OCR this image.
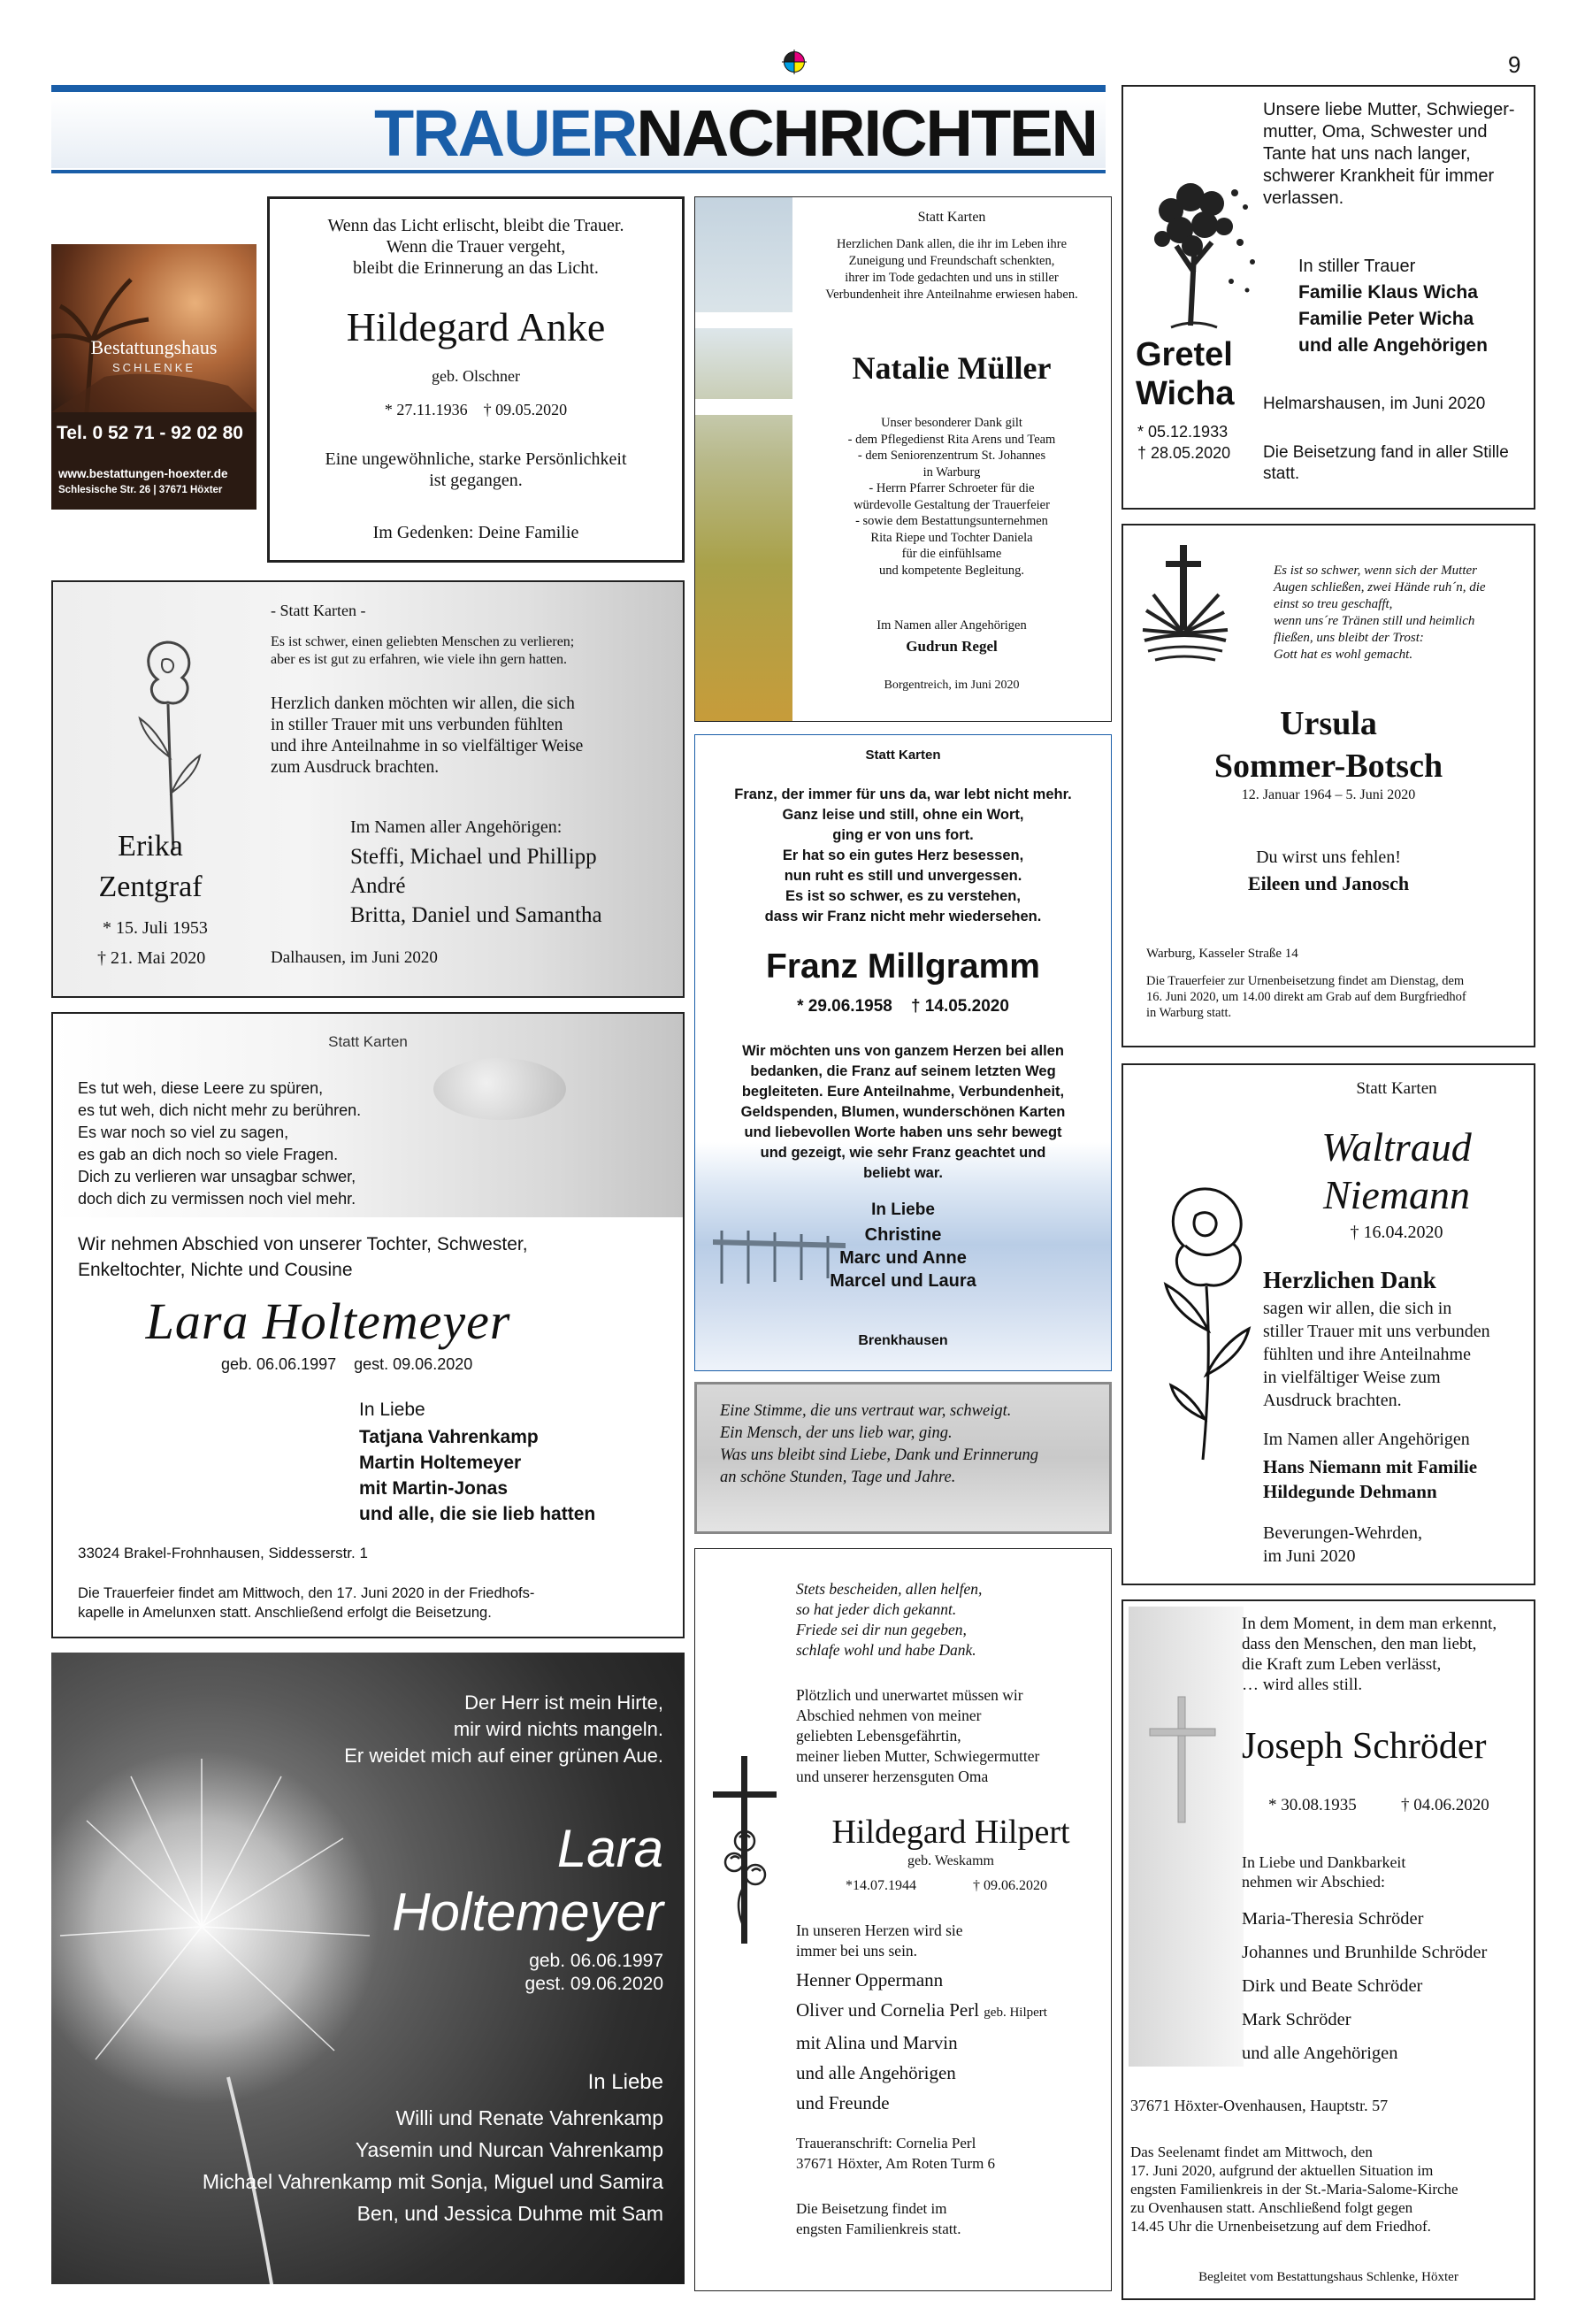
9
TRAUERNACHRICHTEN
Bestattungshaus
SCHLENKE
Tel. 0 52 71 - 92 02 80
www.bestattungen-hoexter.de
Schlesische Str. 26 | 37671 Höxter
Wenn das Licht erlischt, bleibt die Trauer.
Wenn die Trauer vergeht,
bleibt die Erinnerung an das Licht.
Hildegard Anke
geb. Olschner
* 27.11.1936    † 09.05.2020
Eine ungewöhnliche, starke Persönlichkeit
ist gegangen.
Im Gedenken: Deine Familie
Statt Karten
Herzlichen Dank allen, die ihr im Leben ihre
Zuneigung und Freundschaft schenkten,
ihrer im Tode gedachten und uns in stiller
Verbundenheit ihre Anteilnahme erwiesen haben.
Natalie Müller
Unser besonderer Dank gilt
- dem Pflegedienst Rita Arens und Team
- dem Seniorenzentrum St. Johannes
in Warburg
- Herrn Pfarrer Schroeter für die
würdevolle Gestaltung der Trauerfeier
- sowie dem Bestattungsunternehmen
Rita Riepe und Tochter Daniela
für die einfühlsame
und kompetente Begleitung.
Im Namen aller Angehörigen
Gudrun Regel
Borgentreich, im Juni 2020
Unsere liebe Mutter, Schwieger-
mutter, Oma, Schwester und
Tante hat uns nach langer,
schwerer Krankheit für immer
verlassen.
In stiller Trauer
Familie Klaus Wicha
Familie Peter Wicha
und alle Angehörigen
Gretel
Wicha Helmarshausen, im Juni 2020
* 05.12.1933
† 28.05.2020 Die Beisetzung fand in aller Stille
statt.
- Statt Karten -
Es ist schwer, einen geliebten Menschen zu verlieren;
aber es ist gut zu erfahren, wie viele ihn gern hatten.
Herzlich danken möchten wir allen, die sich
in stiller Trauer mit uns verbunden fühlten
und ihre Anteilnahme in so vielfältiger Weise
zum Ausdruck brachten.
Im Namen aller Angehörigen:
Steffi, Michael und Phillipp
André
Britta, Daniel und Samantha
Erika
Zentgraf
* 15. Juli 1953
† 21. Mai 2020	Dalhausen, im Juni 2020
Es ist so schwer, wenn sich der Mutter
Augen schließen, zwei Hände ruh´n, die
einst so treu geschafft,
wenn uns´re Tränen still und heimlich
fließen, uns bleibt der Trost:
Gott hat es wohl gemacht.
Ursula
Sommer-Botsch
12. Januar 1964 – 5. Juni 2020
Du wirst uns fehlen!
Eileen und Janosch
Warburg, Kasseler Straße 14
Die Trauerfeier zur Urnenbeisetzung findet am Dienstag, dem
16. Juni 2020, um 14.00 direkt am Grab auf dem Burgfriedhof
in Warburg statt.
Statt Karten
Franz, der immer für uns da, war lebt nicht mehr.
Ganz leise und still, ohne ein Wort,
ging er von uns fort.
Er hat so ein gutes Herz besessen,
nun ruht es still und unvergessen.
Es ist so schwer, es zu verstehen,
dass wir Franz nicht mehr wiedersehen.
Franz Millgramm
* 29.06.1958    † 14.05.2020
Wir möchten uns von ganzem Herzen bei allen
bedanken, die Franz auf seinem letzten Weg
begleiteten. Eure Anteilnahme, Verbundenheit,
Geldspenden, Blumen, wunderschönen Karten
und liebevollen Worte haben uns sehr bewegt
und gezeigt, wie sehr Franz geachtet und
beliebt war.
In Liebe
Christine
Marc und Anne
Marcel und Laura
Brenkhausen
Statt Karten
Es tut weh, diese Leere zu spüren,
es tut weh, dich nicht mehr zu berühren.
Es war noch so viel zu sagen,
es gab an dich noch so viele Fragen.
Dich zu verlieren war unsagbar schwer,
doch dich zu vermissen noch viel mehr.
Wir nehmen Abschied von unserer Tochter, Schwester,
Enkeltochter, Nichte und Cousine
Lara Holtemeyer
geb. 06.06.1997    gest. 09.06.2020
In Liebe
Tatjana Vahrenkamp
Martin Holtemeyer
mit Martin-Jonas
und alle, die sie lieb hatten
33024 Brakel-Frohnhausen, Siddesserstr. 1
Die Trauerfeier findet am Mittwoch, den 17. Juni 2020 in der Friedhofs-
kapelle in Amelunxen statt. Anschließend erfolgt die Beisetzung.
Statt Karten
Waltraud
Niemann
† 16.04.2020
Herzlichen Dank
sagen wir allen, die sich in
stiller Trauer mit uns verbunden
fühlten und ihre Anteilnahme
in vielfältiger Weise zum
Ausdruck brachten.
Im Namen aller Angehörigen
Hans Niemann mit Familie
Hildegunde Dehmann
Beverungen-Wehrden,
im Juni 2020
Eine Stimme, die uns vertraut war, schweigt.
Ein Mensch, der uns lieb war, ging.
Was uns bleibt sind Liebe, Dank und Erinnerung
an schöne Stunden, Tage und Jahre.
In dem Moment, in dem man erkennt,
dass den Menschen, den man liebt,
die Kraft zum Leben verlässt,
… wird alles still.
Joseph Schröder
* 30.08.1935	† 04.06.2020
In Liebe und Dankbarkeit
nehmen wir Abschied:
Maria-Theresia Schröder
Johannes und Brunhilde Schröder
Dirk und Beate Schröder
Mark Schröder
und alle Angehörigen
37671 Höxter-Ovenhausen, Hauptstr. 57
Das Seelenamt findet am Mittwoch, den
17. Juni 2020, aufgrund der aktuellen Situation im
engsten Familienkreis in der St.-Maria-Salome-Kirche
zu Ovenhausen statt. Anschließend folgt gegen
14.45 Uhr die Urnenbeisetzung auf dem Friedhof.
Begleitet vom Bestattungshaus Schlenke, Höxter
Der Herr ist mein Hirte,
mir wird nichts mangeln.
Er weidet mich auf einer grünen Aue.
Lara
Holtemeyer
geb. 06.06.1997
gest. 09.06.2020
In Liebe
Willi und Renate Vahrenkamp
Yasemin und Nurcan Vahrenkamp
Michael Vahrenkamp mit Sonja, Miguel und Samira
Ben, und Jessica Duhme mit Sam
Stets bescheiden, allen helfen,
so hat jeder dich gekannt.
Friede sei dir nun gegeben,
schlafe wohl und habe Dank.
Plötzlich und unerwartet müssen wir
Abschied nehmen von meiner
geliebten Lebensgefährtin,
meiner lieben Mutter, Schwiegermutter
und unserer herzensguten Oma
Hildegard Hilpert
geb. Weskamm
*14.07.1944	† 09.06.2020
In unseren Herzen wird sie
immer bei uns sein.
Henner Oppermann
Oliver und Cornelia Perl geb. Hilpert
mit Alina und Marvin
und alle Angehörigen
und Freunde
Traueranschrift: Cornelia Perl
37671 Höxter, Am Roten Turm 6
Die Beisetzung findet im
engsten Familienkreis statt.
